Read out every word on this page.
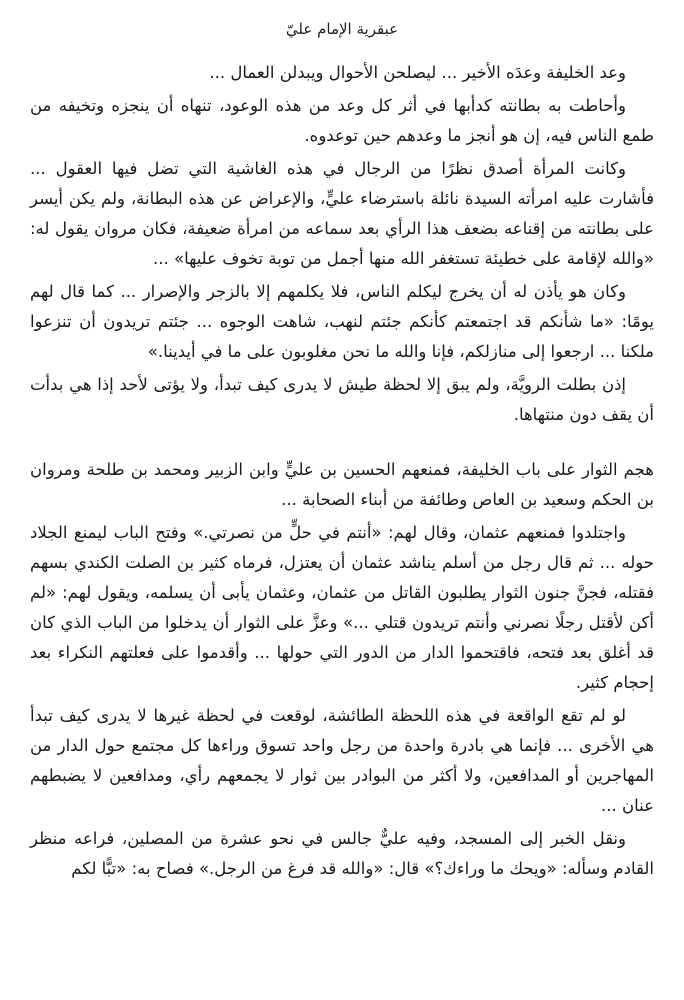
عبقرية الإمام عليّ

وعد الخليفة وعدَه الأخير ... ليصلحن الأحوال ويبدلن العمال ...

وأحاطت به بطانته كدأبها في أثر كل وعد من هذه الوعود، تنهاه أن ينجزه وتخيفه من طمع الناس فيه، إن هو أنجز ما وعدهم حين توعدوه.

وكانت المرأة أصدق نظرًا من الرجال في هذه الغاشية التي تضل فيها العقول ... فأشارت عليه امرأته السيدة نائلة باسترضاء عليٍّ، والإعراض عن هذه البطانة، ولم يكن أيسر على بطانته من إقناعه بضعف هذا الرأي بعد سماعه من امرأة ضعيفة، فكان مروان يقول له: «والله لإقامة على خطيئة تستغفر الله منها أجمل من توبة تخوف عليها» ...

وكان هو يأذن له أن يخرج ليكلم الناس، فلا يكلمهم إلا بالزجر والإصرار ... كما قال لهم يومًا: «ما شأنكم قد اجتمعتم كأنكم جئتم لنهب، شاهت الوجوه ... جئتم تريدون أن تنزعوا ملكنا ... ارجعوا إلى منازلكم، فإنا والله ما نحن مغلوبون على ما في أيدينا.»

إذن بطلت الرويَّة، ولم يبق إلا لحظة طيش لا يدرى كيف تبدأ، ولا يؤتى لأحد إذا هي بدأت أن يقف دون منتهاها.

هجم الثوار على باب الخليفة، فمنعهم الحسين بن عليٍّ وابن الزبير ومحمد بن طلحة ومروان بن الحكم وسعيد بن العاص وطائفة من أبناء الصحابة ...

واجتلدوا فمنعهم عثمان، وقال لهم: «أنتم في حلٍّ من نصرتي.» وفتح الباب ليمنع الجلاد حوله ... ثم قال رجل من أسلم يناشد عثمان أن يعتزل، فرماه كثير بن الصلت الكندي بسهم فقتله، فجنَّ جنون الثوار يطلبون القاتل من عثمان، وعثمان يأبى أن يسلمه، ويقول لهم: «لم أكن لأقتل رجلًا نصرني وأنتم تريدون قتلي ...» وعزَّ على الثوار أن يدخلوا من الباب الذي كان قد أغلق بعد فتحه، فاقتحموا الدار من الدور التي حولها ... وأقدموا على فعلتهم النكراء بعد إحجام كثير.

لو لم تقع الواقعة في هذه اللحظة الطائشة، لوقعت في لحظة غيرها لا يدرى كيف تبدأ هي الأخرى ... فإنما هي بادرة واحدة من رجل واحد تسوق وراءها كل مجتمع حول الدار من المهاجرين أو المدافعين، ولا أكثر من البوادر بين ثوار لا يجمعهم رأي، ومدافعين لا يضبطهم عنان ...

ونقل الخبر إلى المسجد، وفيه عليٌّ جالس في نحو عشرة من المصلين، فراعه منظر القادم وسأله: «ويحك ما وراءك؟» قال: «والله قد فرغ من الرجل.» فصاح به: «تبًّا لكم
